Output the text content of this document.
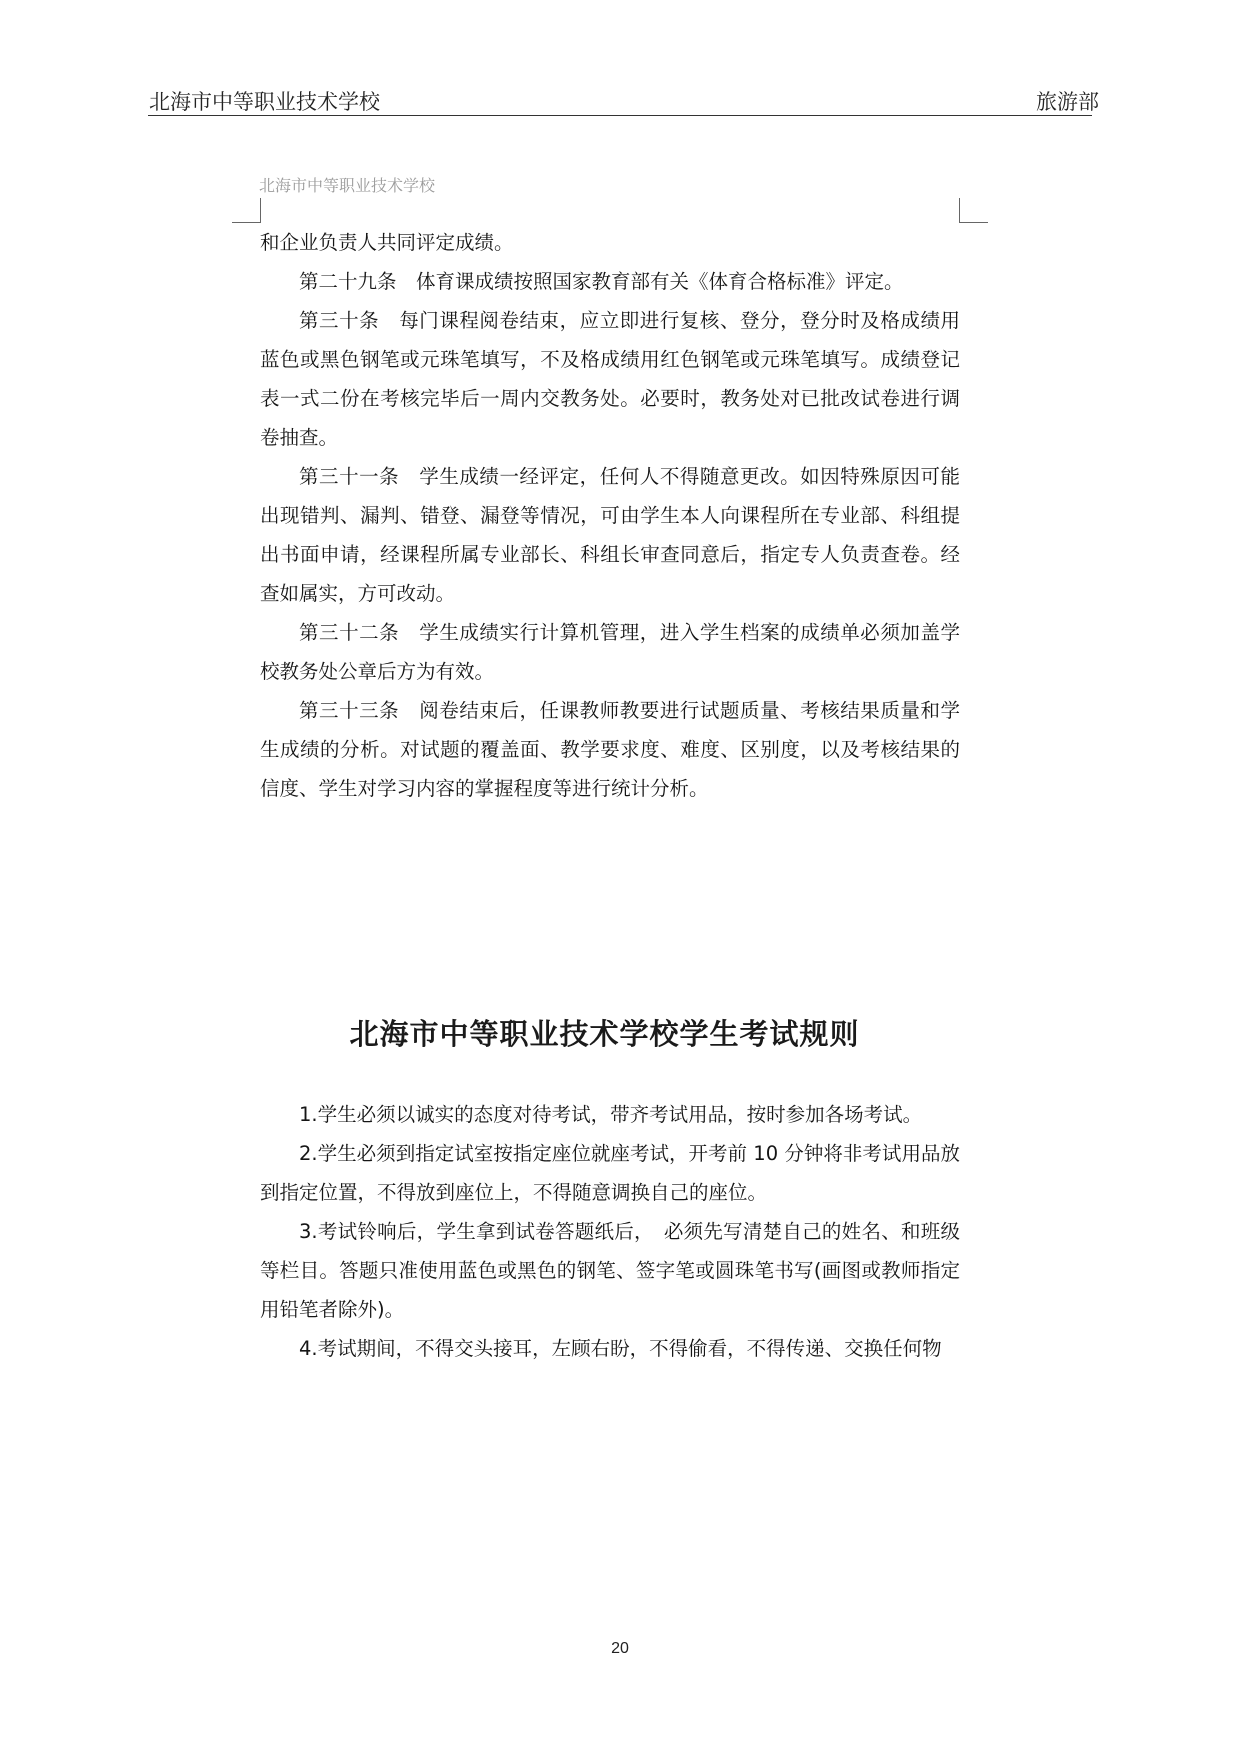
北海市中等职业技术学校	旅游部
北海市中等职业技术学校

和企业负责人共同评定成绩。

第二十九条　体育课成绩按照国家教育部有关《体育合格标准》评定。

第三十条　每门课程阅卷结束，应立即进行复核、登分，登分时及格成绩用蓝色或黑色钢笔或元珠笔填写，不及格成绩用红色钢笔或元珠笔填写。成绩登记表一式二份在考核完毕后一周内交教务处。必要时，教务处对已批改试卷进行调卷抽查。

第三十一条　学生成绩一经评定，任何人不得随意更改。如因特殊原因可能出现错判、漏判、错登、漏登等情况，可由学生本人向课程所在专业部、科组提出书面申请，经课程所属专业部长、科组长审查同意后，指定专人负责查卷。经查如属实，方可改动。

第三十二条　学生成绩实行计算机管理，进入学生档案的成绩单必须加盖学校教务处公章后方为有效。

第三十三条　阅卷结束后，任课教师教要进行试题质量、考核结果质量和学生成绩的分析。对试题的覆盖面、教学要求度、难度、区别度，以及考核结果的信度、学生对学习内容的掌握程度等进行统计分析。

北海市中等职业技术学校学生考试规则

1.学生必须以诚实的态度对待考试，带齐考试用品，按时参加各场考试。

2.学生必须到指定试室按指定座位就座考试，开考前 10 分钟将非考试用品放到指定位置，不得放到座位上，不得随意调换自己的座位。

3.考试铃响后，学生拿到试卷答题纸后，　必须先写清楚自己的姓名、和班级等栏目。答题只准使用蓝色或黑色的钢笔、签字笔或圆珠笔书写(画图或教师指定用铅笔者除外)。

4.考试期间，不得交头接耳，左顾右盼，不得偷看，不得传递、交换任何物

20
